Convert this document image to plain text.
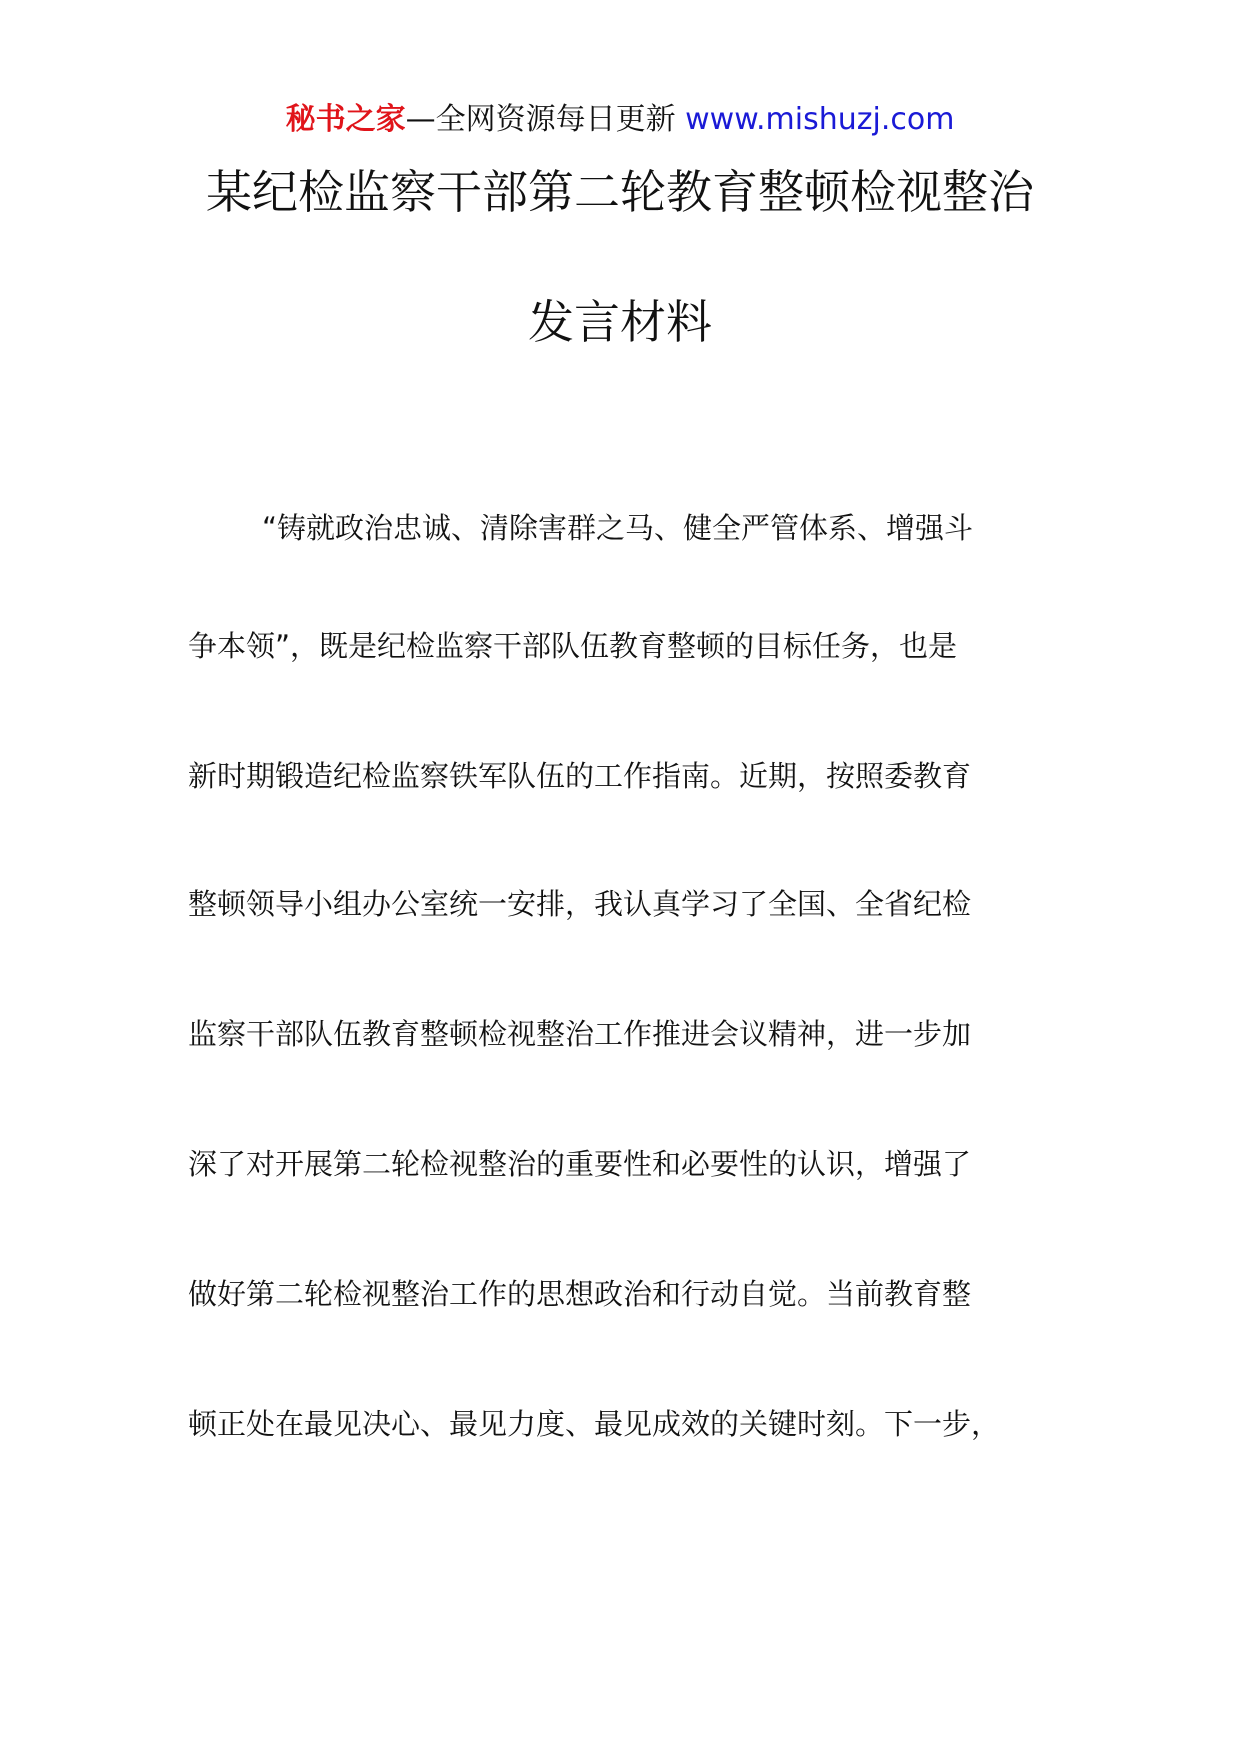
秘书之家—全网资源每日更新 www.mishuzj.com
某纪检监察干部第二轮教育整顿检视整治
发言材料
“铸就政治忠诚、清除害群之马、健全严管体系、增强斗
争本领”，既是纪检监察干部队伍教育整顿的目标任务，也是
新时期锻造纪检监察铁军队伍的工作指南。近期，按照委教育
整顿领导小组办公室统一安排，我认真学习了全国、全省纪检
监察干部队伍教育整顿检视整治工作推进会议精神，进一步加
深了对开展第二轮检视整治的重要性和必要性的认识，增强了
做好第二轮检视整治工作的思想政治和行动自觉。当前教育整
顿正处在最见决心、最见力度、最见成效的关键时刻。下一步，
